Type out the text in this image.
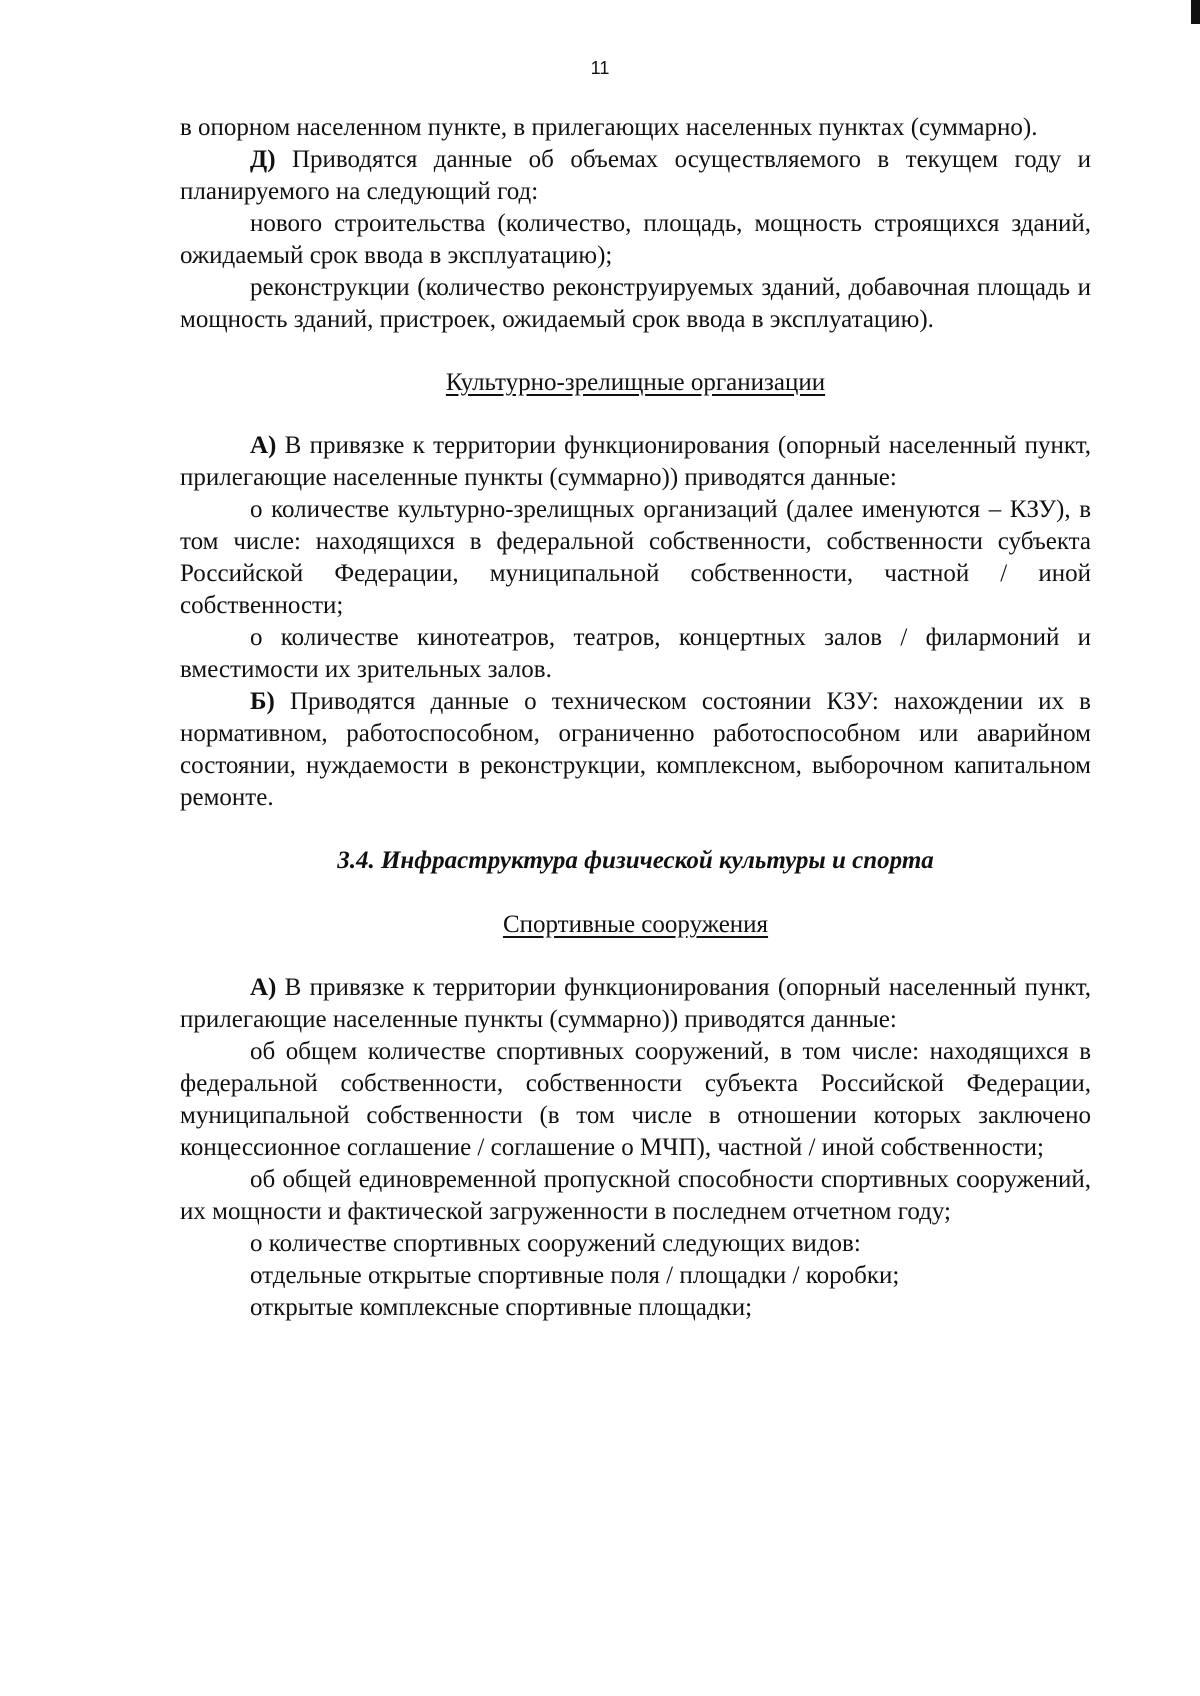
11

в опорном населенном пункте, в прилегающих населенных пунктах (суммарно).

Д) Приводятся данные об объемах осуществляемого в текущем году и планируемого на следующий год:

нового строительства (количество, площадь, мощность строящихся зданий, ожидаемый срок ввода в эксплуатацию);

реконструкции (количество реконструируемых зданий, добавочная площадь и мощность зданий, пристроек, ожидаемый срок ввода в эксплуатацию).

Культурно-зрелищные организации

А) В привязке к территории функционирования (опорный населенный пункт, прилегающие населенные пункты (суммарно)) приводятся данные:

о количестве культурно-зрелищных организаций (далее именуются – КЗУ), в том числе: находящихся в федеральной собственности, собственности субъекта Российской Федерации, муниципальной собственности, частной / иной собственности;

о количестве кинотеатров, театров, концертных залов / филармоний и вместимости их зрительных залов.

Б) Приводятся данные о техническом состоянии КЗУ: нахождении их в нормативном, работоспособном, ограниченно работоспособном или аварийном состоянии, нуждаемости в реконструкции, комплексном, выборочном капитальном ремонте.

3.4. Инфраструктура физической культуры и спорта

Спортивные сооружения

А) В привязке к территории функционирования (опорный населенный пункт, прилегающие населенные пункты (суммарно)) приводятся данные:

об общем количестве спортивных сооружений, в том числе: находящихся в федеральной собственности, собственности субъекта Российской Федерации, муниципальной собственности (в том числе в отношении которых заключено концессионное соглашение / соглашение о МЧП), частной / иной собственности;

об общей единовременной пропускной способности спортивных сооружений, их мощности и фактической загруженности в последнем отчетном году;

о количестве спортивных сооружений следующих видов:

отдельные открытые спортивные поля / площадки / коробки;

открытые комплексные спортивные площадки;
